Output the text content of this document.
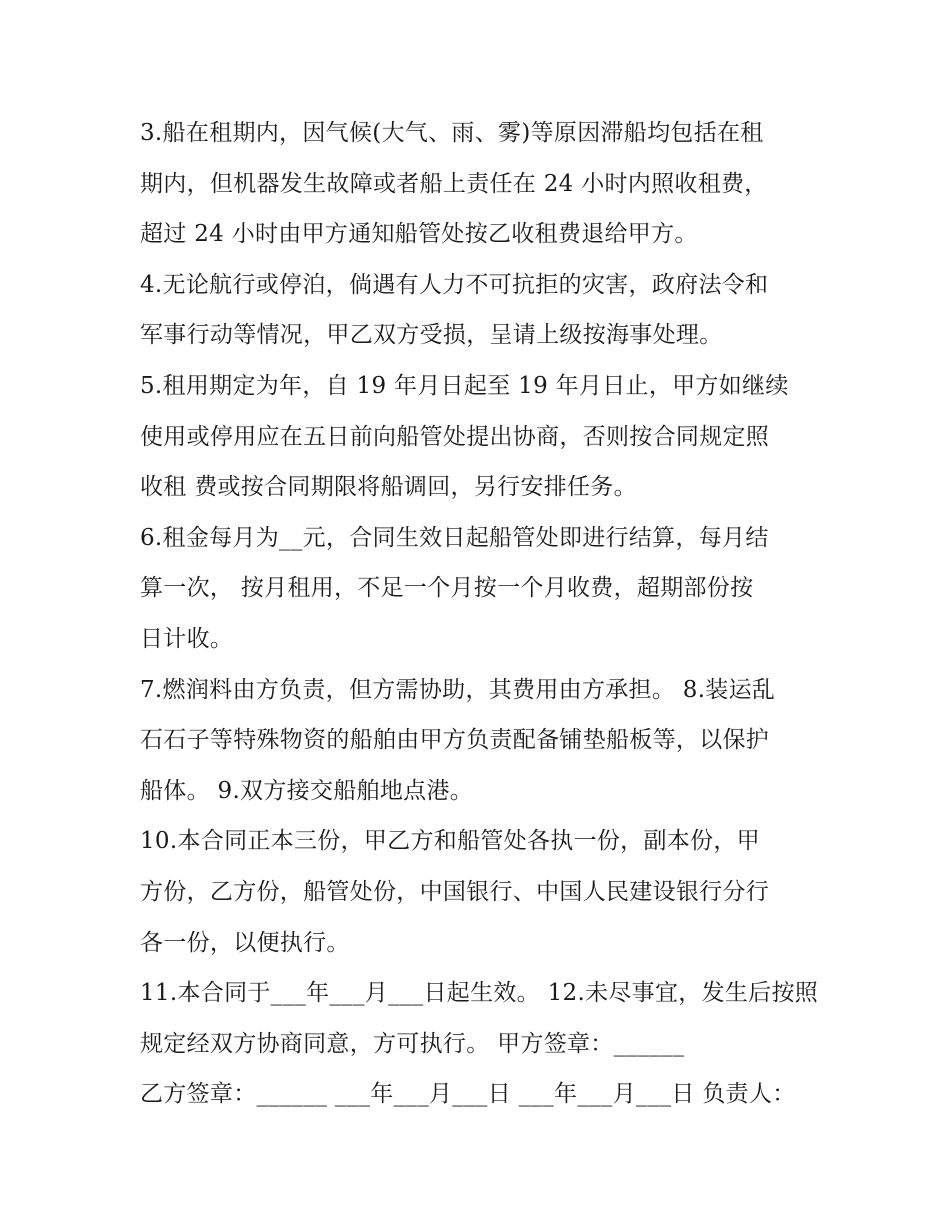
3.船在租期内，因气候(大气、雨、雾)等原因滞船均包括在租
期内，但机器发生故障或者船上责任在 24 小时内照收租费，
超过 24 小时由甲方通知船管处按乙收租费退给甲方。
4.无论航行或停泊，倘遇有人力不可抗拒的灾害，政府法令和
军事行动等情况，甲乙双方受损，呈请上级按海事处理。
5.租用期定为年，自 19 年月日起至 19 年月日止，甲方如继续
使用或停用应在五日前向船管处提出协商，否则按合同规定照
收租 费或按合同期限将船调回，另行安排任务。
6.租金每月为__元，合同生效日起船管处即进行结算，每月结
算一次， 按月租用，不足一个月按一个月收费，超期部份按
日计收。
7.燃润料由方负责，但方需协助，其费用由方承担。 8.装运乱
石石子等特殊物资的船舶由甲方负责配备铺垫船板等，以保护
船体。 9.双方接交船舶地点港。
10.本合同正本三份，甲乙方和船管处各执一份，副本份，甲
方份，乙方份，船管处份，中国银行、中国人民建设银行分行
各一份，以便执行。
11.本合同于___年___月___日起生效。 12.未尽事宜，发生后按照
规定经双方协商同意，方可执行。 甲方签章：______
乙方签章：______ ___年___月___日 ___年___月___日 负责人：
